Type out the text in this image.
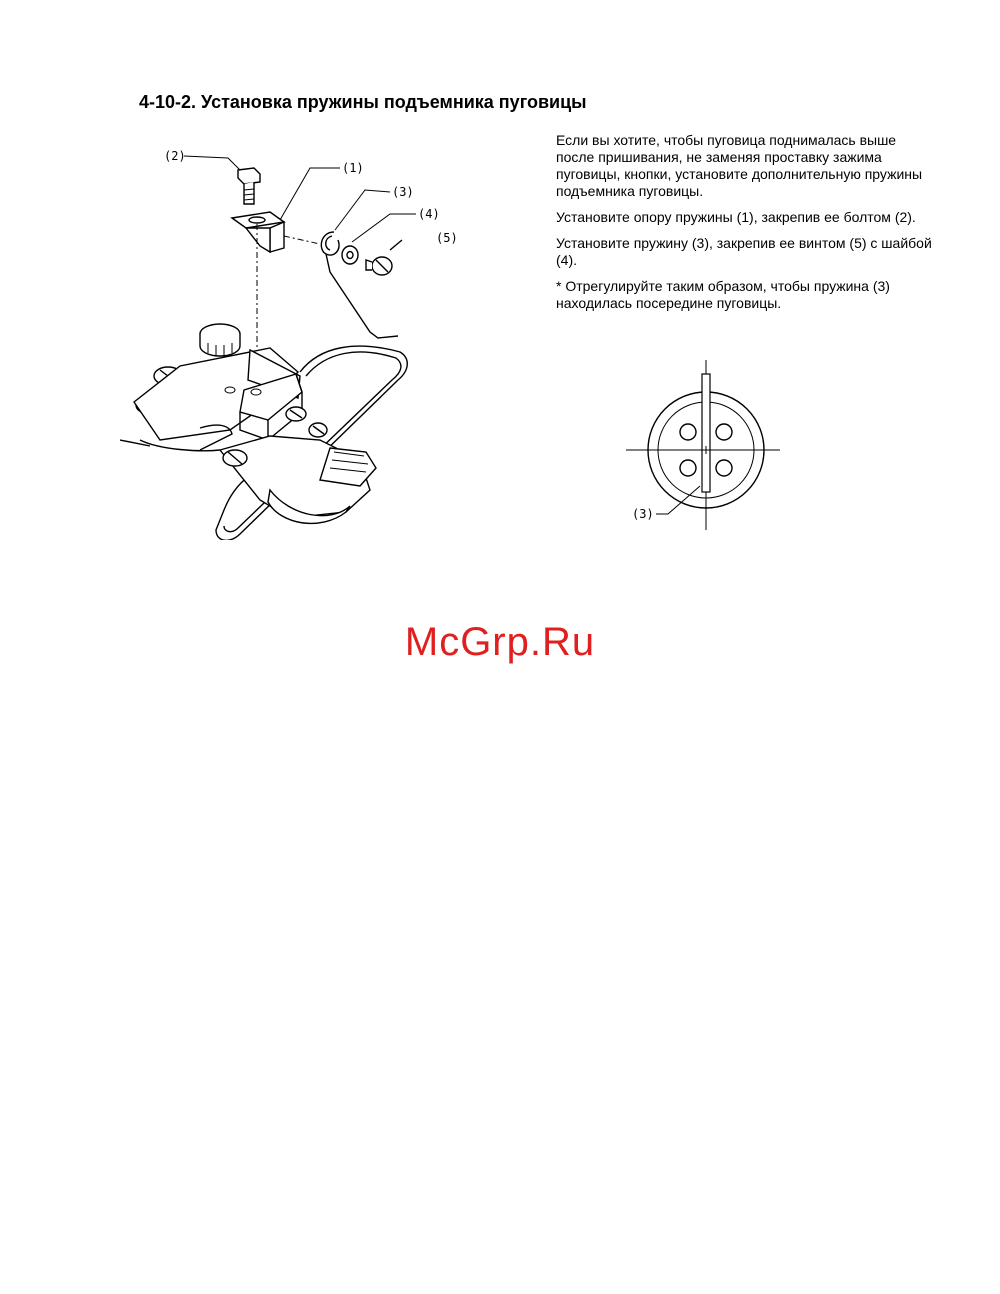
4-10-2. Установка пружины подъемника пуговицы

Если вы хотите, чтобы пуговица поднималась выше после пришивания, не заменяя проставку зажима пуговицы, кнопки, установите дополнительную пружины подъемника пуговицы.

Установите опору пружины (1), закрепив ее болтом (2).

Установите пружину (3), закрепив ее винтом (5) с шайбой (4).

* Отрегулируйте таким образом, чтобы пружина (3) находилась посередине пуговицы.

(2)
(1)
(3)
(4)
(5)
(3)
McGrp.Ru
